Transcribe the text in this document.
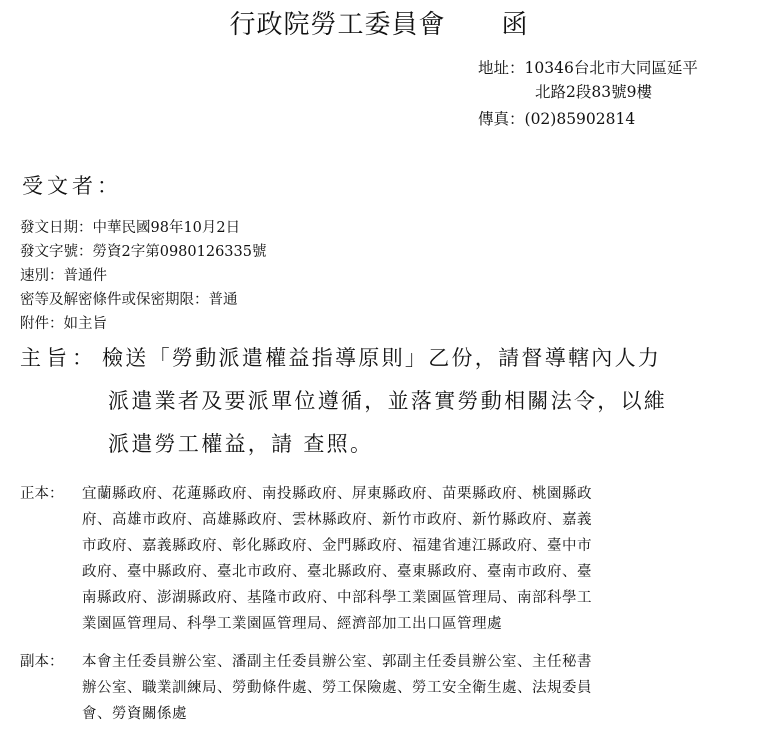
行政院勞工委員會 函
地址：10346台北市大同區延平
北路2段83號9樓
傳真：(02)85902814
受文者：
發文日期：中華民國98年10月2日
發文字號：勞資2字第0980126335號
速別：普通件
密等及解密條件或保密期限：普通
附件：如主旨
主旨： 檢送「勞動派遣權益指導原則」乙份，請督導轄內人力
派遣業者及要派單位遵循，並落實勞動相關法令，以維
派遣勞工權益，請 查照。
正本： 宜蘭縣政府、花蓮縣政府、南投縣政府、屏東縣政府、苗栗縣政府、桃園縣政
府、高雄市政府、高雄縣政府、雲林縣政府、新竹市政府、新竹縣政府、嘉義
市政府、嘉義縣政府、彰化縣政府、金門縣政府、福建省連江縣政府、臺中市
政府、臺中縣政府、臺北市政府、臺北縣政府、臺東縣政府、臺南市政府、臺
南縣政府、澎湖縣政府、基隆市政府、中部科學工業園區管理局、南部科學工
業園區管理局、科學工業園區管理局、經濟部加工出口區管理處
副本： 本會主任委員辦公室、潘副主任委員辦公室、郭副主任委員辦公室、主任秘書
辦公室、職業訓練局、勞動條件處、勞工保險處、勞工安全衛生處、法規委員
會、勞資關係處
